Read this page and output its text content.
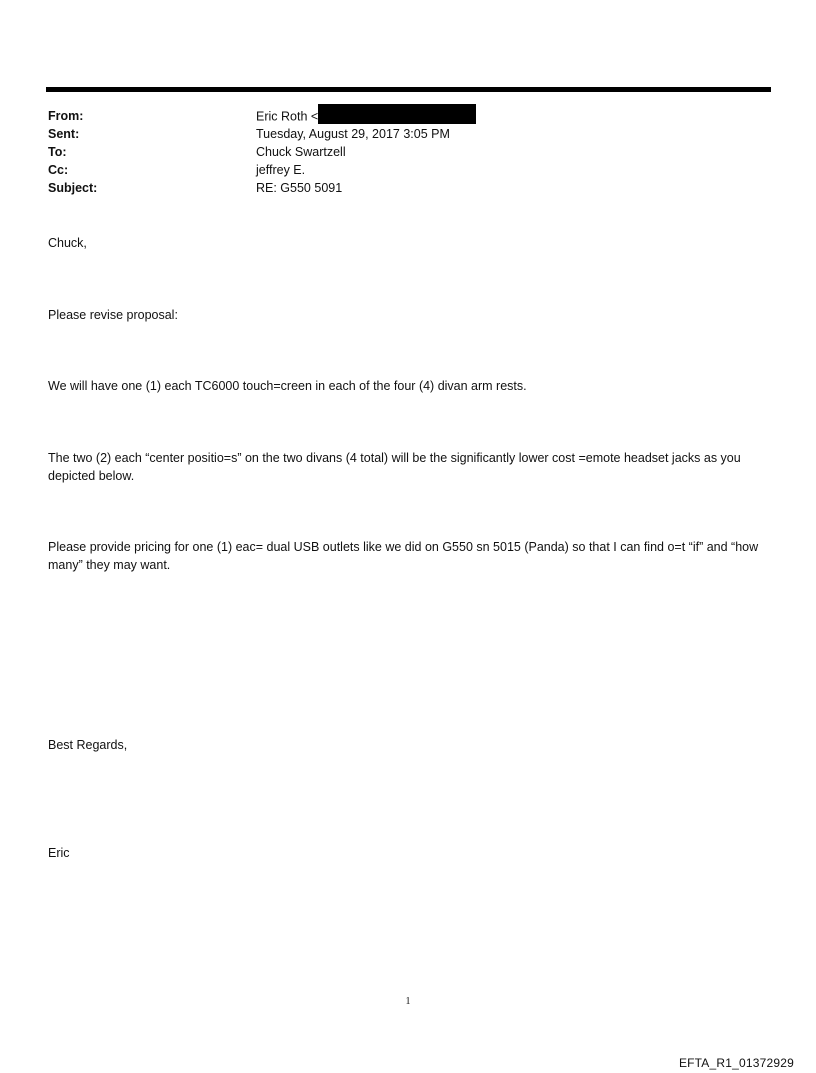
From:	Eric Roth <
Sent:	Tuesday, August 29, 2017 3:05 PM
To:	Chuck Swartzell
Cc:	jeffrey E.
Subject:	RE: G550 5091
Chuck,
Please revise proposal:
We will have one (1) each TC6000 touch=creen in each of the four (4) divan arm rests.
The two (2) each “center positio=s” on the two divans (4 total) will be the significantly lower cost =emote headset jacks as you depicted below.
Please provide pricing for one (1) eac= dual USB outlets like we did on G550 sn 5015 (Panda) so that I can find o=t “if” and “how many” they may want.
Best Regards,
Eric
1
EFTA_R1_01372929
